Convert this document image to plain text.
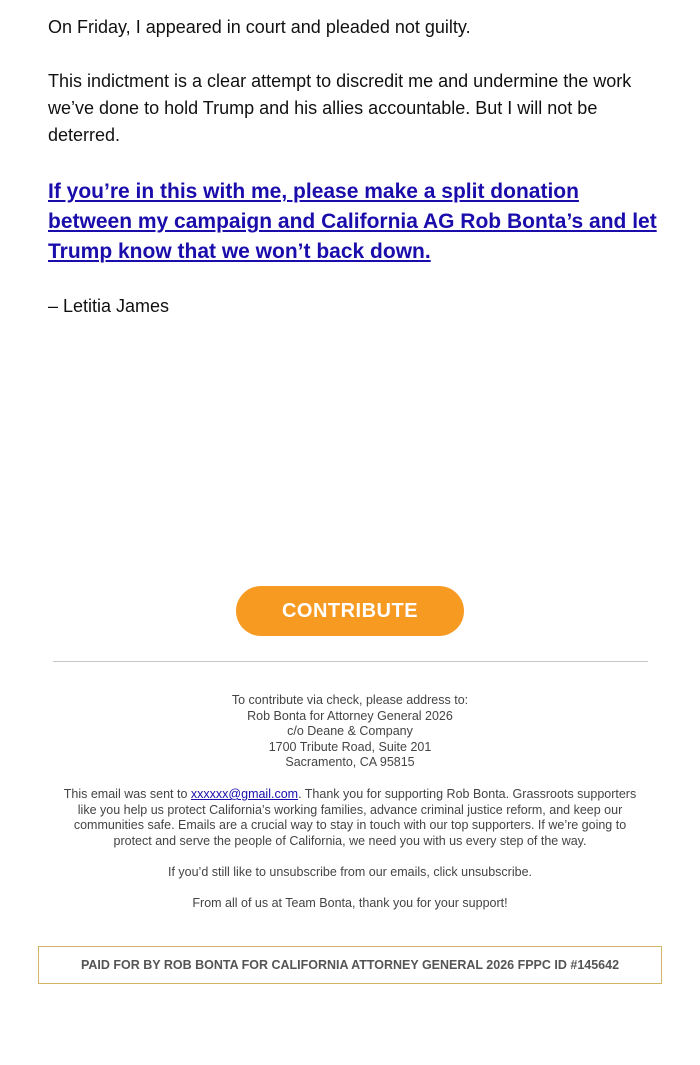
On Friday, I appeared in court and pleaded not guilty.

This indictment is a clear attempt to discredit me and undermine the work we’ve done to hold Trump and his allies accountable. But I will not be deterred.

If you’re in this with me, please make a split donation between my campaign and California AG Rob Bonta’s and let Trump know that we won’t back down.

– Letitia James

CONTRIBUTE
To contribute via check, please address to:
Rob Bonta for Attorney General 2026
c/o Deane & Company
1700 Tribute Road, Suite 201
Sacramento, CA 95815

This email was sent to xxxxxx@gmail.com. Thank you for supporting Rob Bonta. Grassroots supporters like you help us protect California’s working families, advance criminal justice reform, and keep our communities safe. Emails are a crucial way to stay in touch with our top supporters. If we’re going to protect and serve the people of California, we need you with us every step of the way.

If you’d still like to unsubscribe from our emails, click unsubscribe.

From all of us at Team Bonta, thank you for your support!

PAID FOR BY ROB BONTA FOR CALIFORNIA ATTORNEY GENERAL 2026 FPPC ID #145642
